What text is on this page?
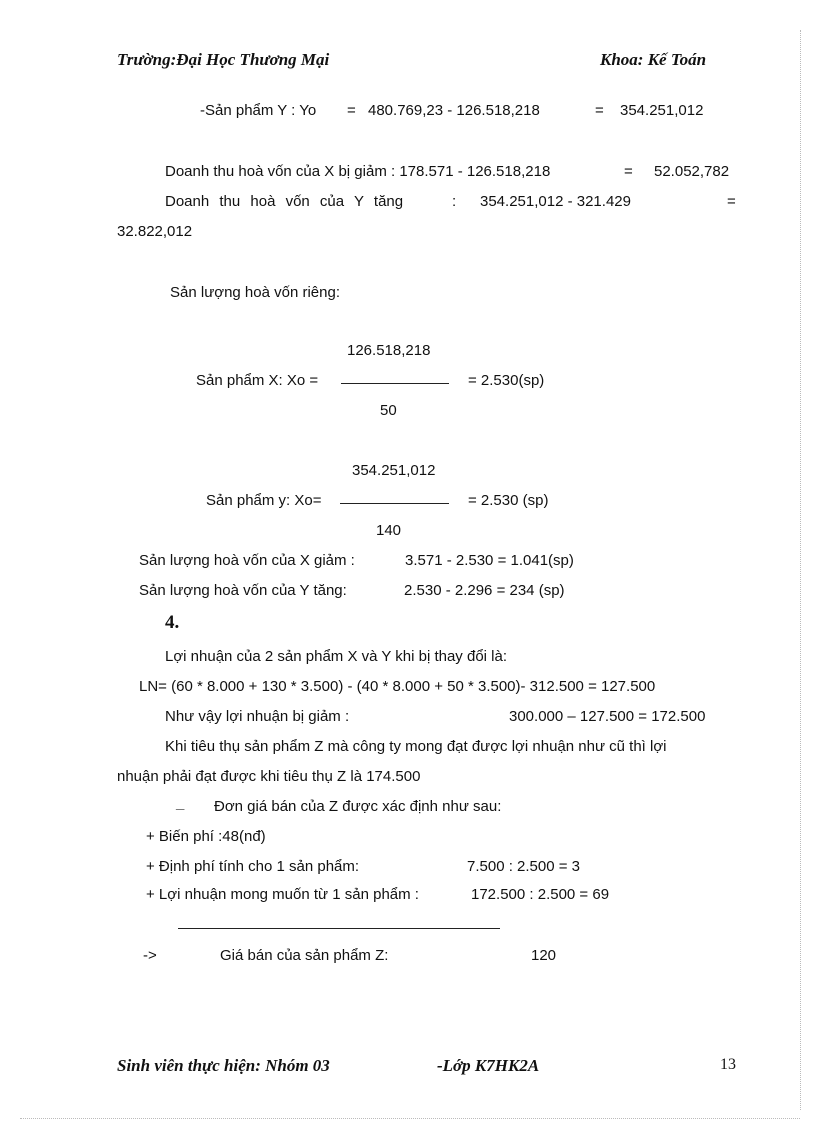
Trường:Đại Học Thương Mại	Khoa: Kế Toán
-Sản phẩm Y : Yo = 480.769,23 - 126.518,218	= 354.251,012
Doanh thu hoà vốn của X bị giảm : 178.571 - 126.518,218	= 52.052,782
Doanh thu hoà vốn của Y tăng	: 354.251,012 - 321.429	=
32.822,012
Sản lượng hoà vốn riêng:
126.518,218
Sản phẩm X: Xo =	= 2.530(sp)
50
354.251,012
Sản phẩm y: Xo=	= 2.530 (sp)
140
Sản lượng hoà vốn của X giảm :	3.571 - 2.530 = 1.041(sp)
Sản lượng hoà vốn của Y tăng:	2.530 - 2.296 = 234 (sp)
4.
Lợi nhuận của 2 sản phẩm X và Y khi bị thay đổi là:
LN= (60 * 8.000 + 130 * 3.500) - (40 * 8.000 + 50 * 3.500)- 312.500 = 127.500
Như vậy lợi nhuận bị giảm :	300.000 – 127.500 = 172.500
Khi tiêu thụ sản phẩm Z mà công ty mong đạt được lợi nhuận như cũ thì lợi
nhuận phải đạt được khi tiêu thụ Z là 174.500
_ Đơn giá bán của Z được xác định như sau:
+ Biến phí :48(nđ)
+ Định phí tính cho 1 sản phẩm:	7.500 : 2.500 = 3
+ Lợi nhuận mong muốn từ 1 sản phẩm :	172.500 : 2.500 = 69
->	Giá bán của sản phẩm Z:	120
Sinh viên thực hiện: Nhóm 03	-Lớp K7HK2A	13
